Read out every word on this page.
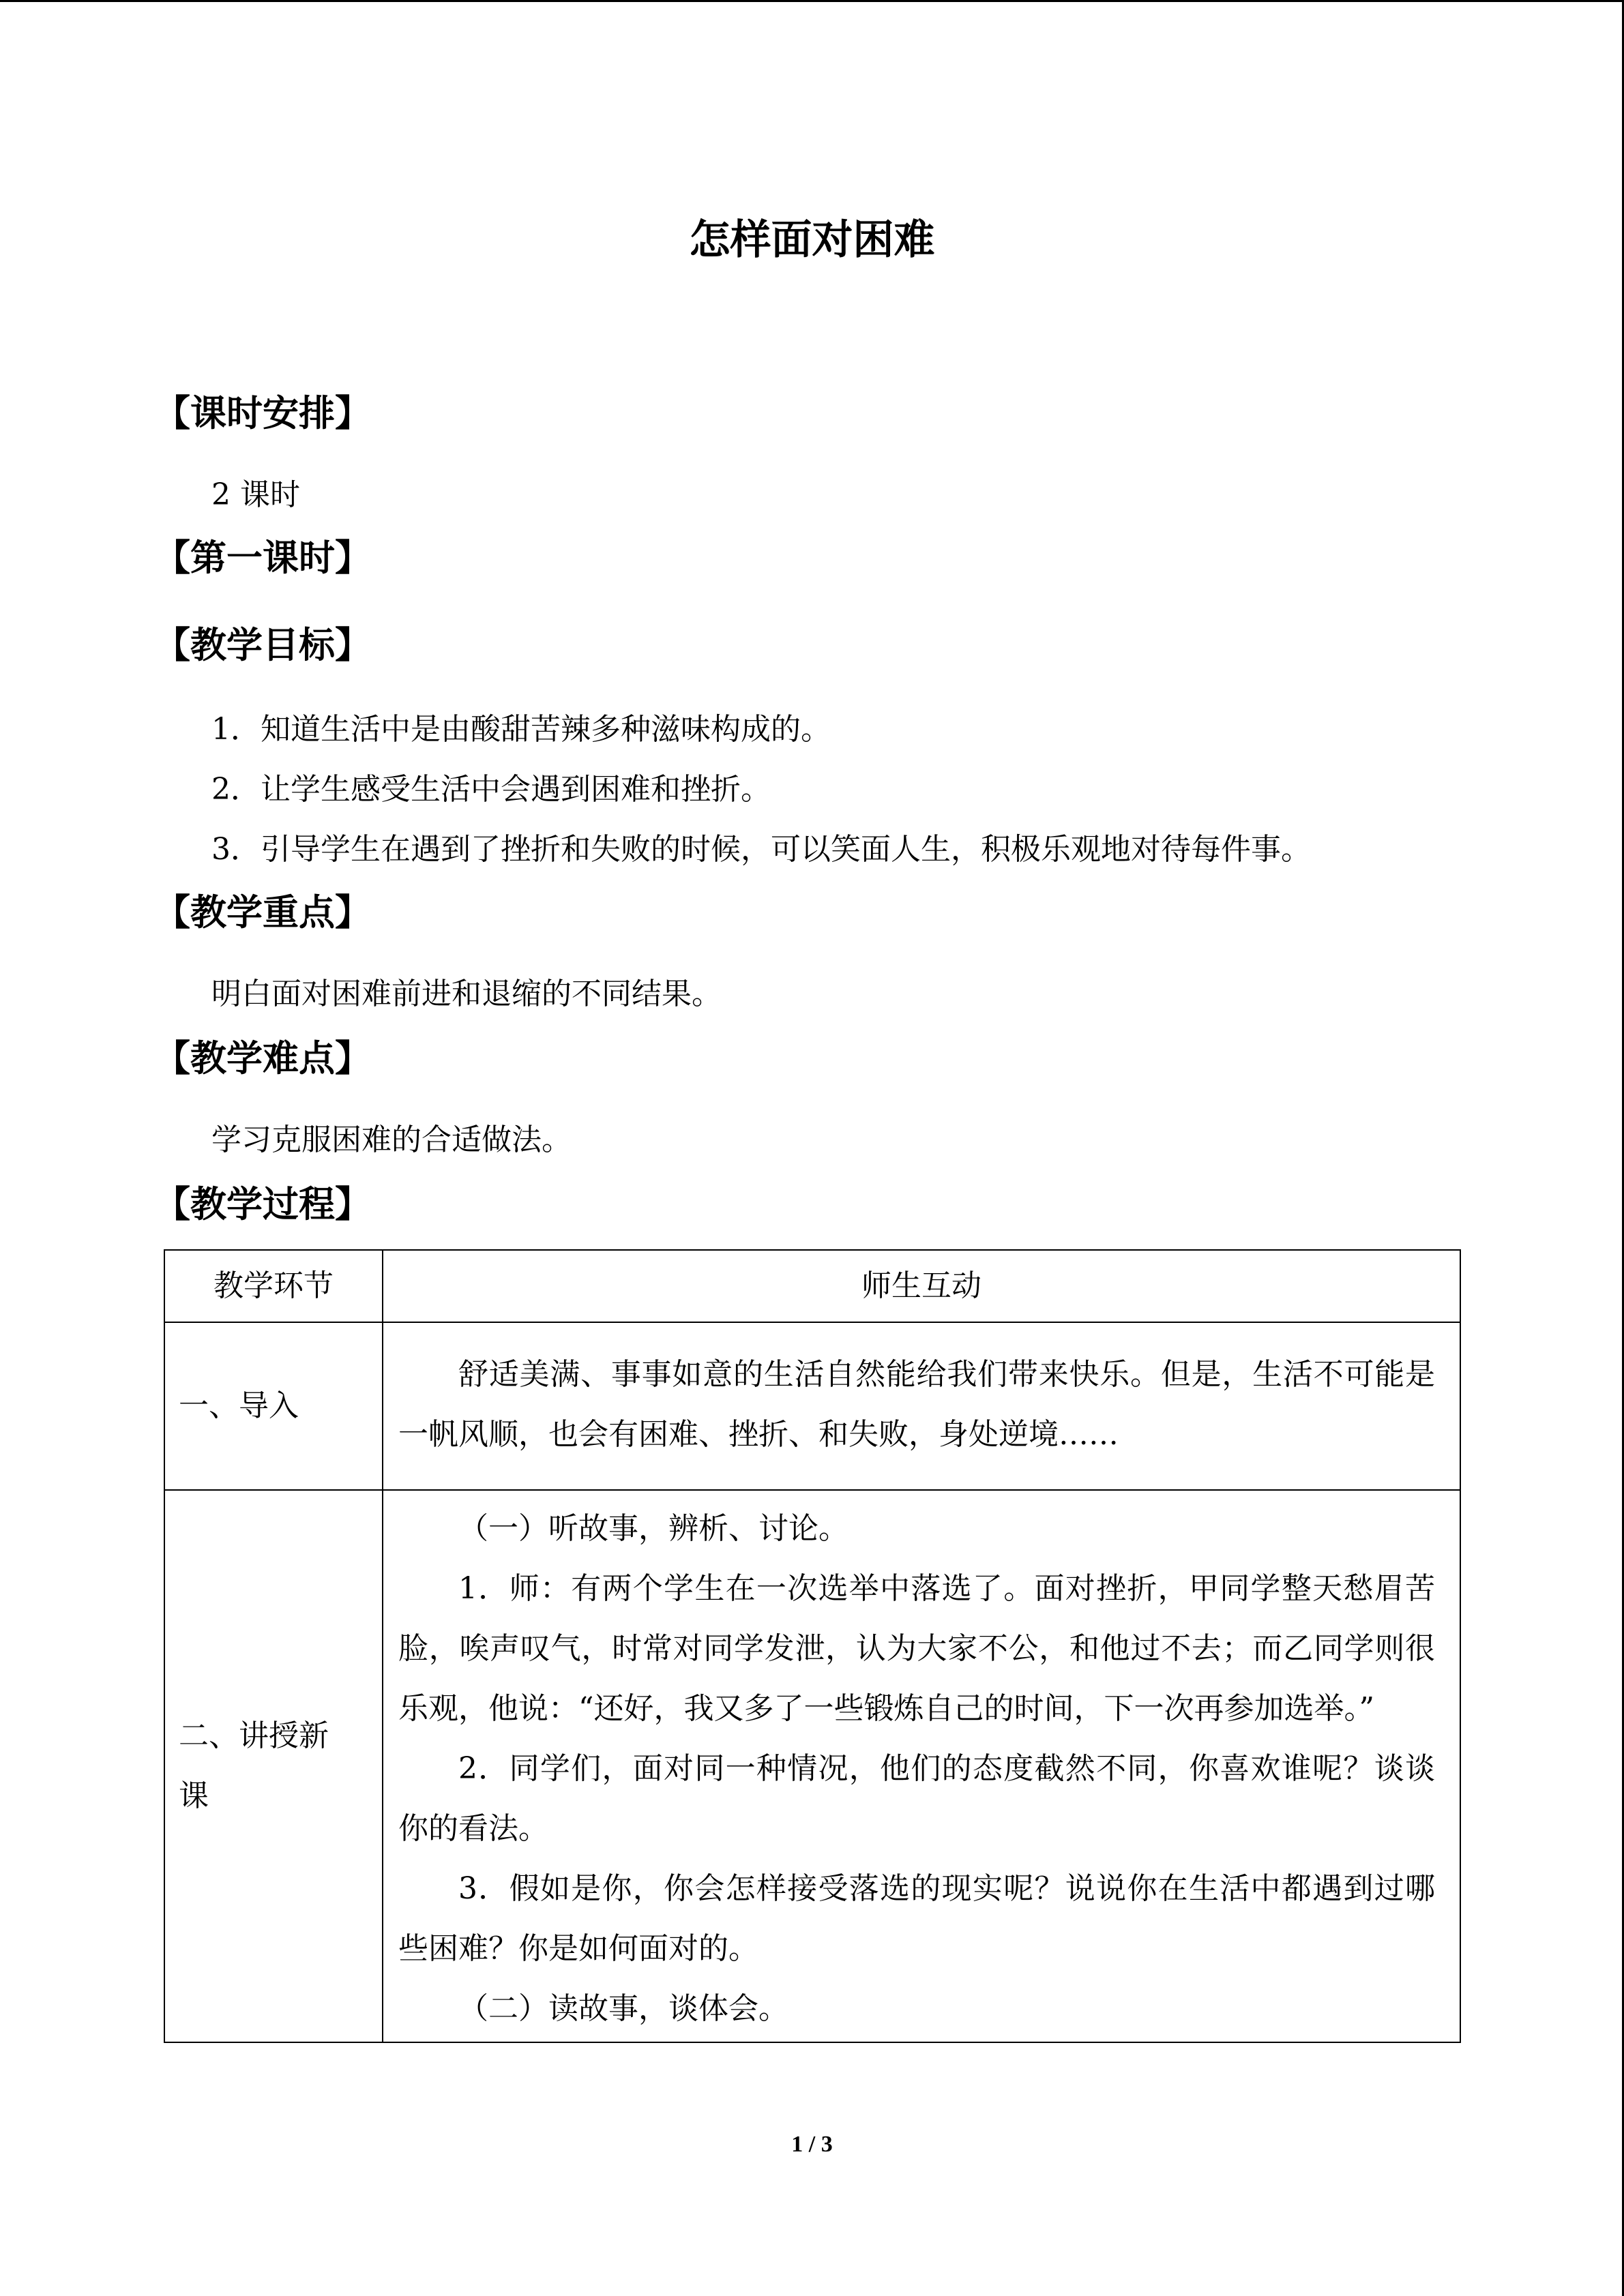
怎样面对困难
【课时安排】
2 课时
【第一课时】
【教学目标】
1．知道生活中是由酸甜苦辣多种滋味构成的。
2．让学生感受生活中会遇到困难和挫折。
3．引导学生在遇到了挫折和失败的时候，可以笑面人生，积极乐观地对待每件事。
【教学重点】
明白面对困难前进和退缩的不同结果。
【教学难点】
学习克服困难的合适做法。
【教学过程】
教学环节	师生互动

一、导入	舒适美满、事事如意的生活自然能给我们带来快乐。但是，生活不可能是一帆风顺，也会有困难、挫折、和失败，身处逆境……

二、讲授新课	（一）听故事，辨析、讨论。

1．师：有两个学生在一次选举中落选了。面对挫折，甲同学整天愁眉苦脸，唉声叹气，时常对同学发泄，认为大家不公，和他过不去；而乙同学则很乐观，他说：“还好，我又多了一些锻炼自己的时间，下一次再参加选举。”

2．同学们，面对同一种情况，他们的态度截然不同，你喜欢谁呢？谈谈你的看法。

3．假如是你，你会怎样接受落选的现实呢？说说你在生活中都遇到过哪些困难？你是如何面对的。

（二）读故事，谈体会。

1 / 3
